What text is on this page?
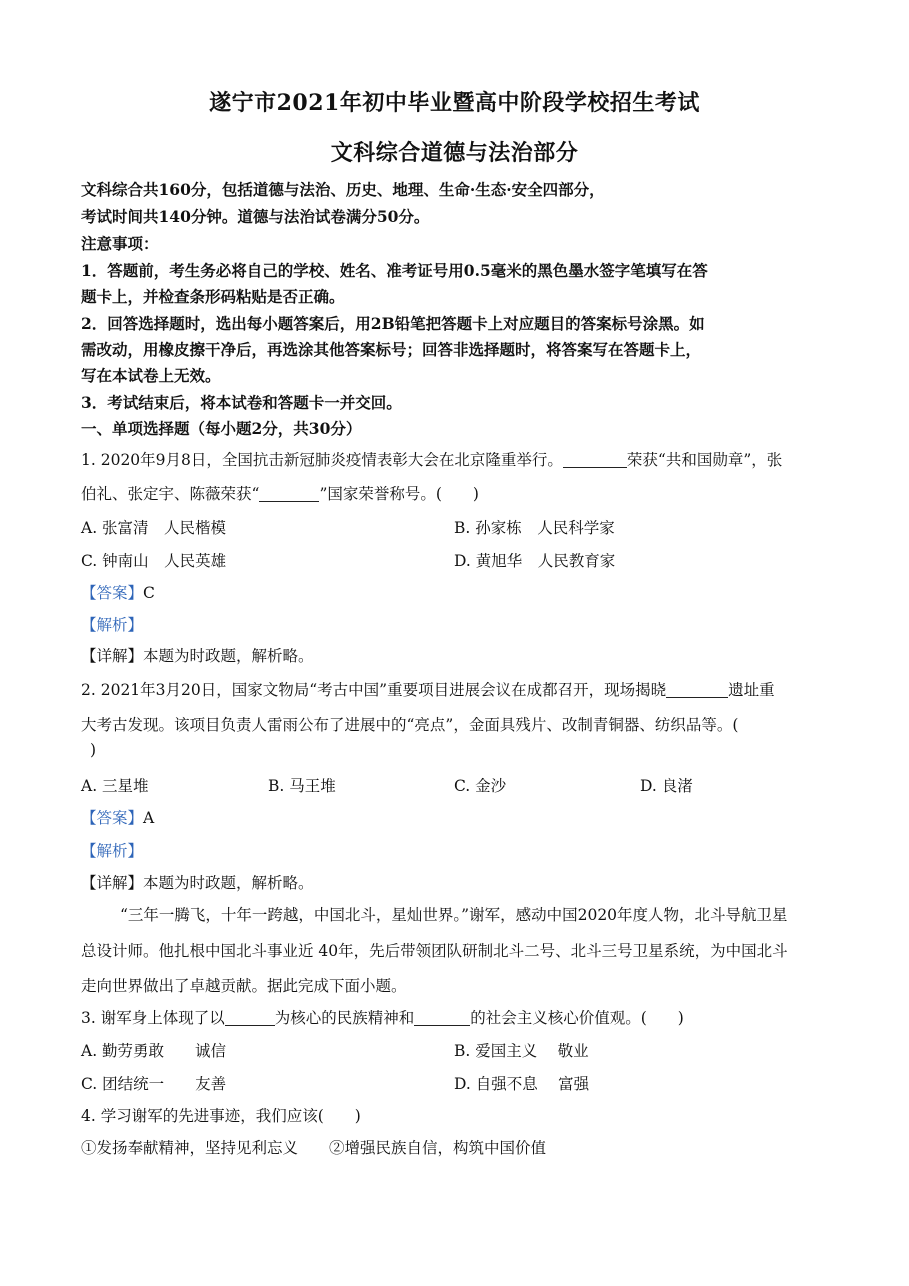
遂宁市2021年初中毕业暨高中阶段学校招生考试
文科综合道德与法治部分
文科综合共160分，包括道德与法治、历史、地理、生命·生态·安全四部分，
考试时间共140分钟。道德与法治试卷满分50分。
注意事项：
1．答题前，考生务必将自己的学校、姓名、准考证号用0.5毫米的黑色墨水签字笔填写在答
题卡上，并检查条形码粘贴是否正确。
2．回答选择题时，选出每小题答案后，用2B铅笔把答题卡上对应题目的答案标号涂黑。如
需改动，用橡皮擦干净后，再选涂其他答案标号；回答非选择题时，将答案写在答题卡上，
写在本试卷上无效。
3．考试结束后，将本试卷和答题卡一并交回。
一、单项选择题（每小题2分，共30分）
1. 2020年9月8日，全国抗击新冠肺炎疫情表彰大会在北京隆重举行。	荣获“共和国勋章”，张
伯礼、张定宇、陈薇荣获“	”国家荣誉称号。(　　)
A. 张富清　人民楷模	B. 孙家栋　人民科学家
C. 钟南山　人民英雄	D. 黄旭华　人民教育家
【答案】C
【解析】
【详解】本题为时政题，解析略。
2. 2021年3月20日，国家文物局“考古中国”重要项目进展会议在成都召开，现场揭晓	遗址重
大考古发现。该项目负责人雷雨公布了进展中的“亮点”，金面具残片、改制青铜器、纺织品等。(
)
A. 三星堆	B. 马王堆	C. 金沙	D. 良渚
【答案】A
【解析】
【详解】本题为时政题，解析略。
“三年一腾飞，十年一跨越，中国北斗，星灿世界。”谢军，感动中国2020年度人物，北斗导航卫星
总设计师。他扎根中国北斗事业近 40年，先后带领团队研制北斗二号、北斗三号卫星系统，为中国北斗
走向世界做出了卓越贡献。据此完成下面小题。
3. 谢军身上体现了以	为核心的民族精神和	的社会主义核心价值观。(　　)
A. 勤劳勇敢　　诚信	B. 爱国主义　 敬业
C. 团结统一　　友善	D. 自强不息　 富强
4. 学习谢军的先进事迹，我们应该(　　)
①发扬奉献精神，坚持见利忘义　　②增强民族自信，构筑中国价值
